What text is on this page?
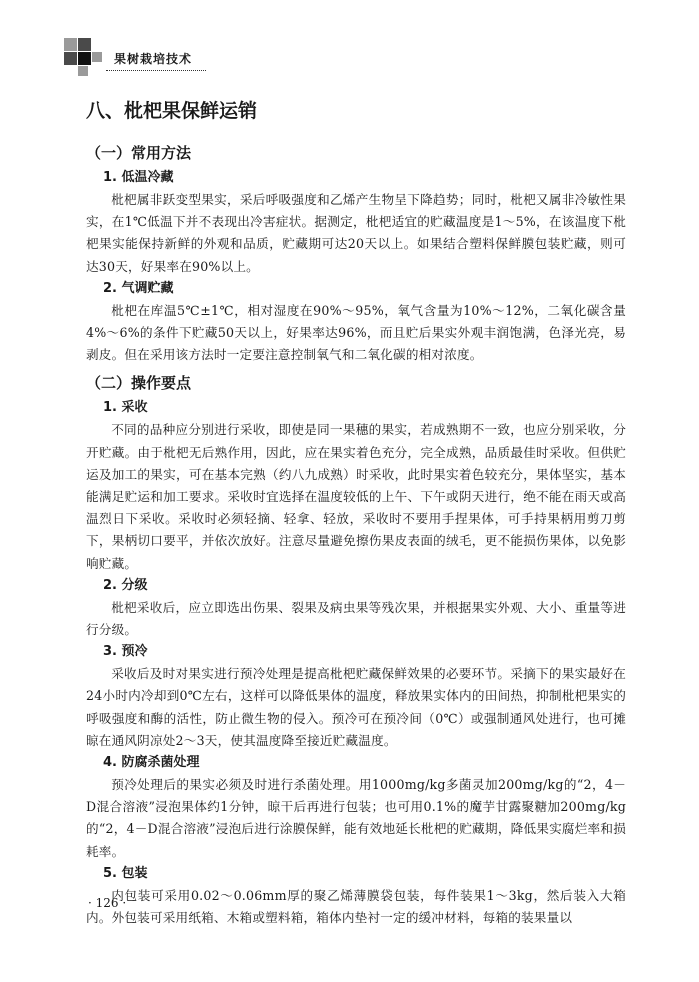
果树栽培技术
八、枇杷果保鲜运销
（一）常用方法
1. 低温冷藏

枇杷属非跃变型果实，采后呼吸强度和乙烯产生物呈下降趋势；同时，枇杷又属非冷敏性果实，在1℃低温下并不表现出冷害症状。据测定，枇杷适宜的贮藏温度是1～5%，在该温度下枇杷果实能保持新鲜的外观和品质，贮藏期可达20天以上。如果结合塑料保鲜膜包装贮藏，则可达30天，好果率在90%以上。

2. 气调贮藏

枇杷在库温5℃±1℃，相对湿度在90%～95%，氧气含量为10%～12%，二氧化碳含量4%～6%的条件下贮藏50天以上，好果率达96%，而且贮后果实外观丰润饱满，色泽光亮，易剥皮。但在采用该方法时一定要注意控制氧气和二氧化碳的相对浓度。

（二）操作要点
1. 采收

不同的品种应分别进行采收，即使是同一果穗的果实，若成熟期不一致，也应分别采收，分开贮藏。由于枇杷无后熟作用，因此，应在果实着色充分，完全成熟，品质最佳时采收。但供贮运及加工的果实，可在基本完熟（约八九成熟）时采收，此时果实着色较充分，果体坚实，基本能满足贮运和加工要求。采收时宜选择在温度较低的上午、下午或阴天进行，绝不能在雨天或高温烈日下采收。采收时必须轻摘、轻拿、轻放，采收时不要用手捏果体，可手持果柄用剪刀剪下，果柄切口要平，并依次放好。注意尽量避免擦伤果皮表面的绒毛，更不能损伤果体，以免影响贮藏。

2. 分级

枇杷采收后，应立即选出伤果、裂果及病虫果等残次果，并根据果实外观、大小、重量等进行分级。

3. 预冷

采收后及时对果实进行预冷处理是提高枇杷贮藏保鲜效果的必要环节。采摘下的果实最好在24小时内冷却到0℃左右，这样可以降低果体的温度，释放果实体内的田间热，抑制枇杷果实的呼吸强度和酶的活性，防止微生物的侵入。预冷可在预冷间（0℃）或强制通风处进行，也可摊晾在通风阴凉处2～3天，使其温度降至接近贮藏温度。

4. 防腐杀菌处理

预冷处理后的果实必须及时进行杀菌处理。用1000mg/kg多菌灵加200mg/kg的“2，4－D混合溶液”浸泡果体约1分钟，晾干后再进行包装；也可用0.1%的魔芋甘露聚糖加200mg/kg的“2，4－D混合溶液”浸泡后进行涂膜保鲜，能有效地延长枇杷的贮藏期，降低果实腐烂率和损耗率。

5. 包装

内包装可采用0.02～0.06mm厚的聚乙烯薄膜袋包装，每件装果1～3kg，然后装入大箱内。外包装可采用纸箱、木箱或塑料箱，箱体内垫衬一定的缓冲材料，每箱的装果量以

· 126 ·
